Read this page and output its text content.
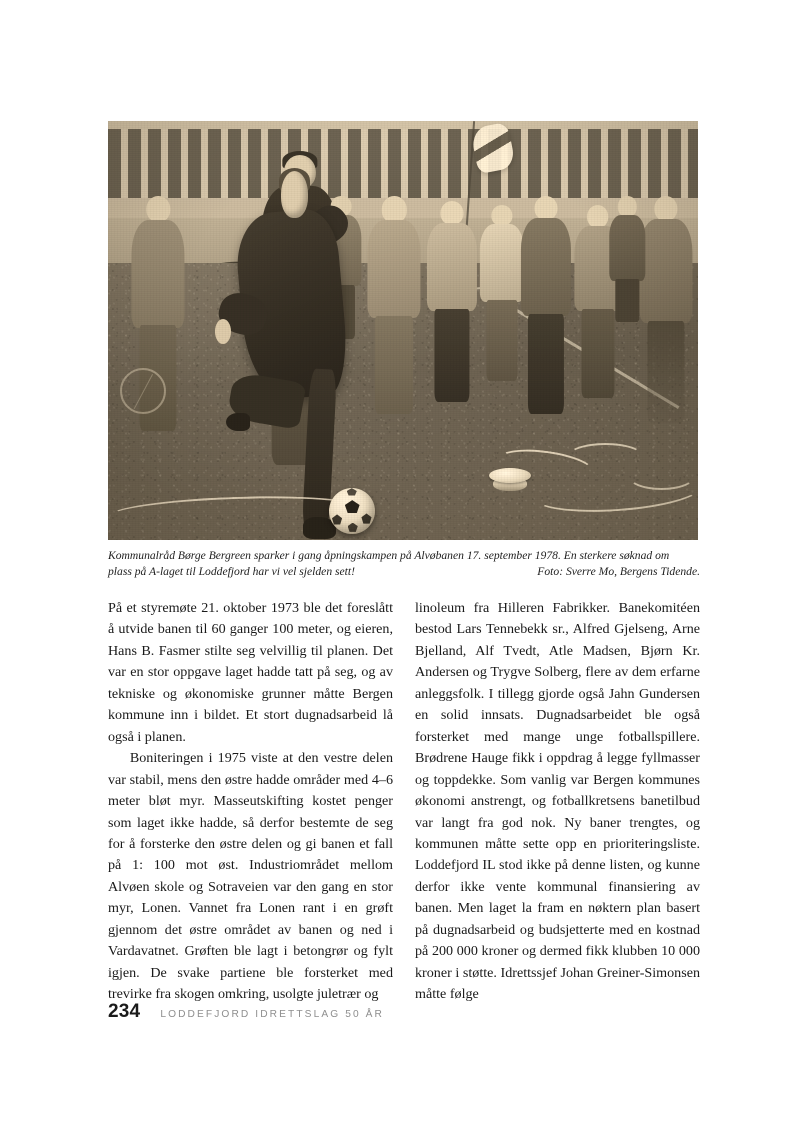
Kommunalråd Børge Bergreen sparker i gang åpningskampen på Alvøbanen 17. september 1978. En sterkere søknad om
plass på A-laget til Loddefjord har vi vel sjelden sett!	Foto: Sverre Mo, Bergens Tidende.

På et styremøte 21. oktober 1973 ble det foreslått å utvide banen til 60 ganger 100 meter, og eieren, Hans B. Fasmer stilte seg velvillig til planen. Det var en stor oppgave laget hadde tatt på seg, og av tekniske og økonomiske grunner måtte Bergen kommune inn i bildet. Et stort dugnadsarbeid lå også i planen.

Boniteringen i 1975 viste at den vestre delen var stabil, mens den østre hadde områder med 4–6 meter bløt myr. Masseutskifting kostet penger som laget ikke hadde, så derfor bestemte de seg for å forsterke den østre delen og gi banen et fall på 1: 100 mot øst. Industriområdet mellom Alvøen skole og Sotraveien var den gang en stor myr, Lonen. Vannet fra Lonen rant i en grøft gjennom det østre området av banen og ned i Vardavatnet. Grøften ble lagt i betongrør og fylt igjen. De svake partiene ble forsterket med trevirke fra skogen omkring, usolgte juletrær og

linoleum fra Hilleren Fabrikker. Banekomitéen bestod Lars Tennebekk sr., Alfred Gjelseng, Arne Bjelland, Alf Tvedt, Atle Madsen, Bjørn Kr. Andersen og Trygve Solberg, flere av dem erfarne anleggsfolk. I tillegg gjorde også Jahn Gundersen en solid innsats. Dugnadsarbeidet ble også forsterket med mange unge fotballspillere. Brødrene Hauge fikk i oppdrag å legge fyllmasser og toppdekke. Som vanlig var Bergen kommunes økonomi anstrengt, og fotballkretsens banetilbud var langt fra god nok. Ny baner trengtes, og kommunen måtte sette opp en prioriteringsliste. Loddefjord IL stod ikke på denne listen, og kunne derfor ikke vente kommunal finansiering av banen. Men laget la fram en nøktern plan basert på dugnadsarbeid og budsjetterte med en kostnad på 200 000 kroner og dermed fikk klubben 10 000 kroner i støtte. Idrettssjef Johan Greiner-Simonsen måtte følge

234 LODDEFJORD IDRETTSLAG 50 ÅR
